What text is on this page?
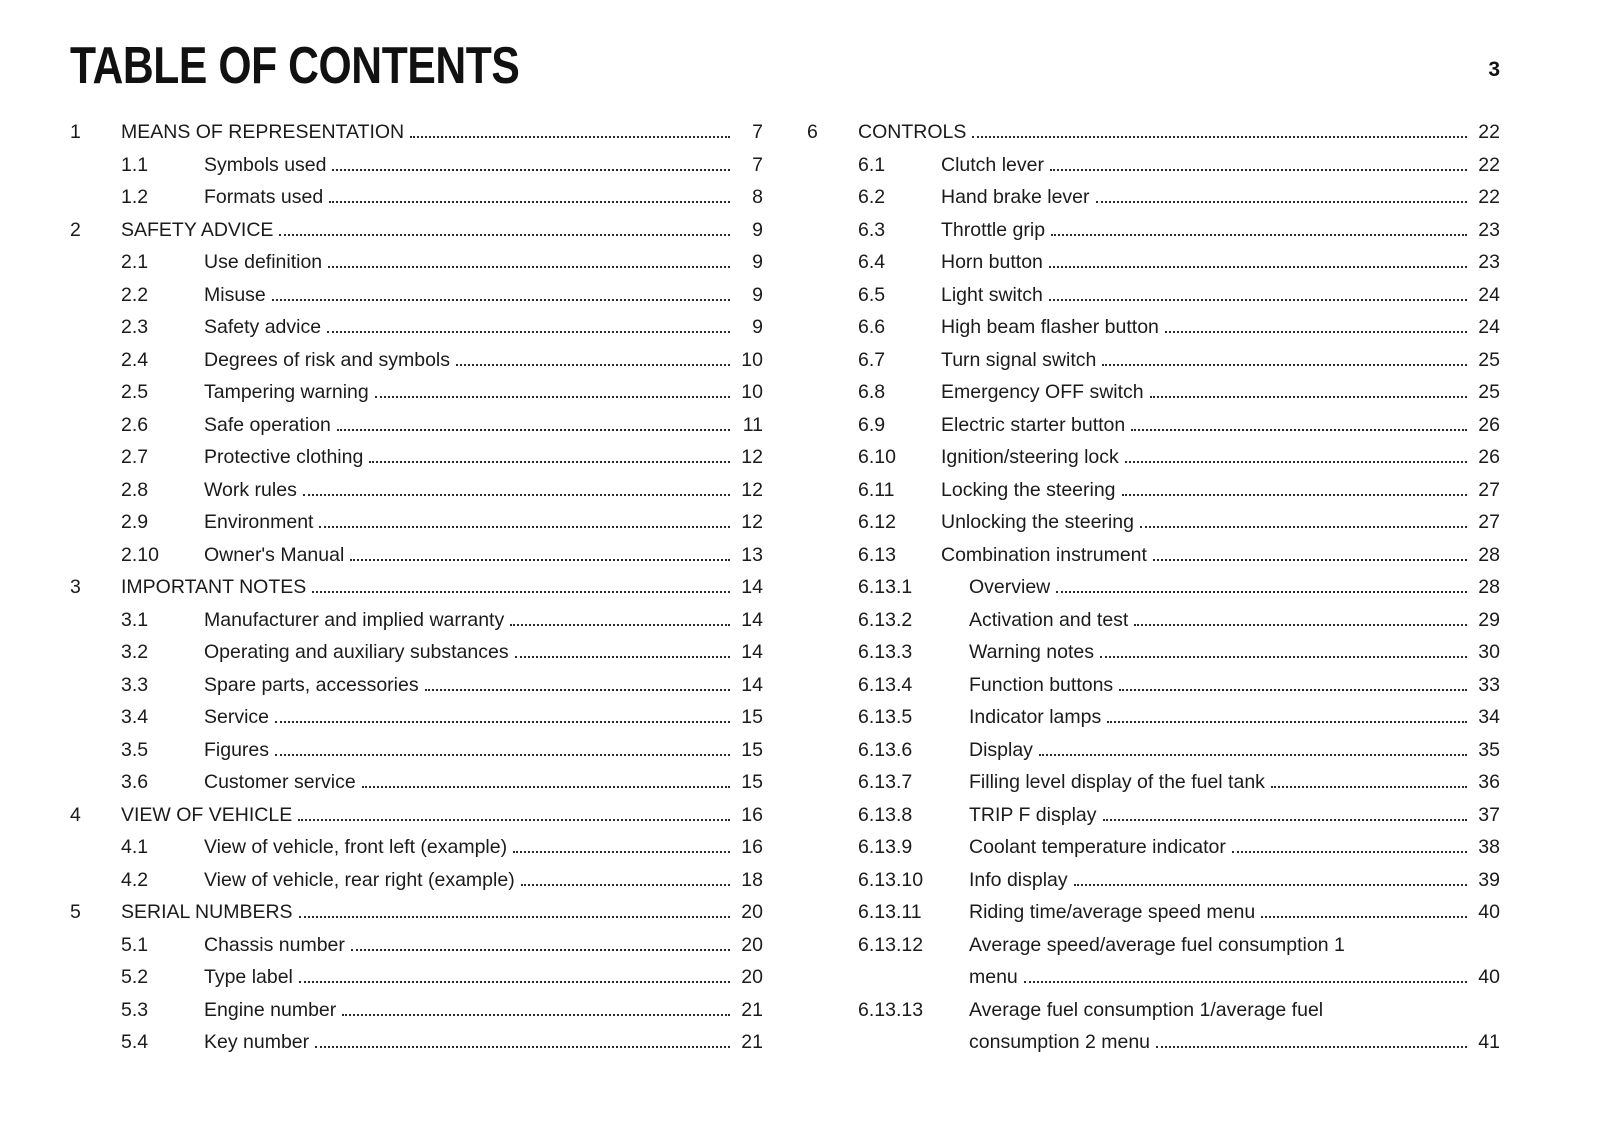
TABLE OF CONTENTS	3
1	MEANS OF REPRESENTATION	7
1.1	Symbols used	7
1.2	Formats used	8
2	SAFETY ADVICE	9
2.1	Use definition	9
2.2	Misuse	9
2.3	Safety advice	9
2.4	Degrees of risk and symbols	10
2.5	Tampering warning	10
2.6	Safe operation	11
2.7	Protective clothing	12
2.8	Work rules	12
2.9	Environment	12
2.10	Owner's Manual	13
3	IMPORTANT NOTES	14
3.1	Manufacturer and implied warranty	14
3.2	Operating and auxiliary substances	14
3.3	Spare parts, accessories	14
3.4	Service	15
3.5	Figures	15
3.6	Customer service	15
4	VIEW OF VEHICLE	16
4.1	View of vehicle, front left (example)	16
4.2	View of vehicle, rear right (example)	18
5	SERIAL NUMBERS	20
5.1	Chassis number	20
5.2	Type label	20
5.3	Engine number	21
5.4	Key number	21
6	CONTROLS	22
6.1	Clutch lever	22
6.2	Hand brake lever	22
6.3	Throttle grip	23
6.4	Horn button	23
6.5	Light switch	24
6.6	High beam flasher button	24
6.7	Turn signal switch	25
6.8	Emergency OFF switch	25
6.9	Electric starter button	26
6.10	Ignition/steering lock	26
6.11	Locking the steering	27
6.12	Unlocking the steering	27
6.13	Combination instrument	28
6.13.1	Overview	28
6.13.2	Activation and test	29
6.13.3	Warning notes	30
6.13.4	Function buttons	33
6.13.5	Indicator lamps	34
6.13.6	Display	35
6.13.7	Filling level display of the fuel tank	36
6.13.8	TRIP F display	37
6.13.9	Coolant temperature indicator	38
6.13.10	Info display	39
6.13.11	Riding time/average speed menu	40
6.13.12	Average speed/average fuel consumption 1
menu	40
6.13.13	Average fuel consumption 1/average fuel
consumption 2 menu	41
